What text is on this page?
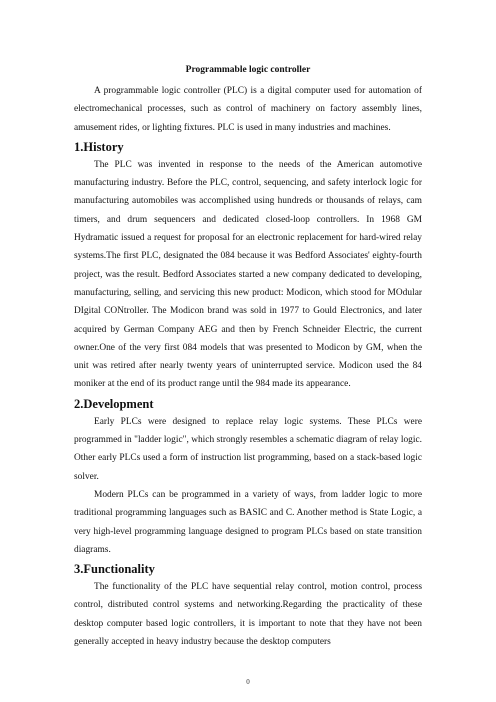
Programmable logic controller

A programmable logic controller (PLC) is a digital computer used for automation of electromechanical processes, such as control of machinery on factory assembly lines, amusement rides, or lighting fixtures. PLC is used in many industries and machines.

1.History

The PLC was invented in response to the needs of the American automotive manufacturing industry. Before the PLC, control, sequencing, and safety interlock logic for manufacturing automobiles was accomplished using hundreds or thousands of relays, cam timers, and drum sequencers and dedicated closed-loop controllers. In 1968 GM Hydramatic issued a request for proposal for an electronic replacement for hard-wired relay systems.The first PLC, designated the 084 because it was Bedford Associates' eighty-fourth project, was the result. Bedford Associates started a new company dedicated to developing, manufacturing, selling, and servicing this new product: Modicon, which stood for MOdular DIgital CONtroller. The Modicon brand was sold in 1977 to Gould Electronics, and later acquired by German Company AEG and then by French Schneider Electric, the current owner.One of the very first 084 models that was presented to Modicon by GM, when the unit was retired after nearly twenty years of uninterrupted service. Modicon used the 84 moniker at the end of its product range until the 984 made its appearance.

2.Development

Early PLCs were designed to replace relay logic systems. These PLCs were programmed in "ladder logic", which strongly resembles a schematic diagram of relay logic. Other early PLCs used a form of instruction list programming, based on a stack-based logic solver.

Modern PLCs can be programmed in a variety of ways, from ladder logic to more traditional programming languages such as BASIC and C. Another method is State Logic, a very high-level programming language designed to program PLCs based on state transition diagrams.

3.Functionality

The functionality of the PLC have sequential relay control, motion control, process control, distributed control systems and networking.Regarding the practicality of these desktop computer based logic controllers, it is important to note that they have not been generally accepted in heavy industry because the desktop computers

0
